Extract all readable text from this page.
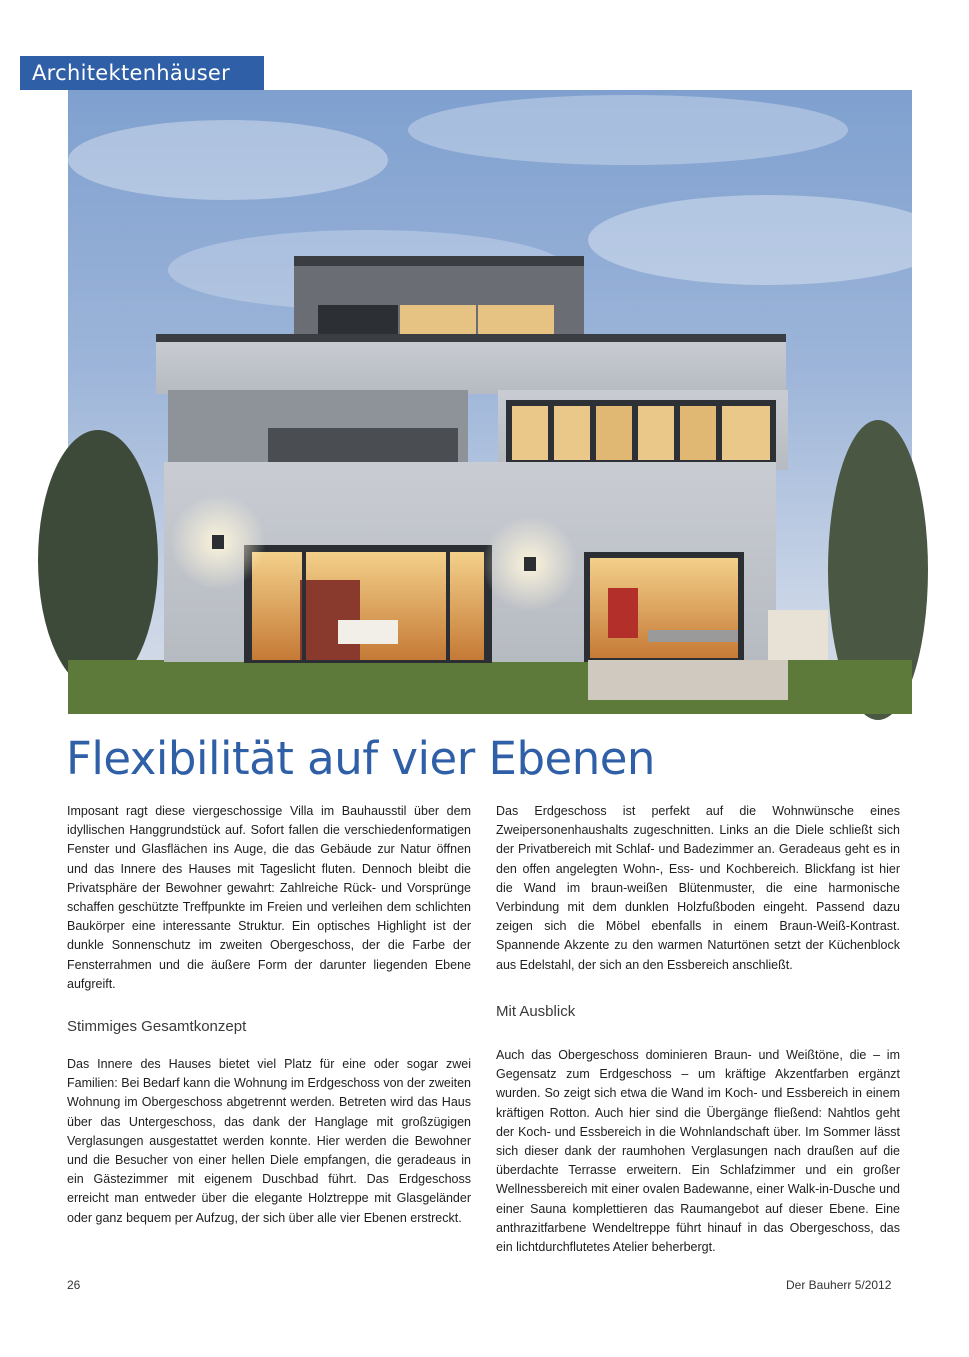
Architektenhäuser
Foto: Baufritz/Tom Haas
Flexibilität auf vier Ebenen

Imposant ragt diese viergeschossige Villa im Bauhausstil über dem idyllischen Hanggrundstück auf. Sofort fallen die verschiedenformatigen Fenster und Glasflächen ins Auge, die das Gebäude zur Natur öffnen und das Innere des Hauses mit Tageslicht fluten. Dennoch bleibt die Privatsphäre der Bewohner gewahrt: Zahlreiche Rück- und Vorsprünge schaffen geschützte Treffpunkte im Freien und verleihen dem schlichten Baukörper eine interessante Struktur. Ein optisches Highlight ist der dunkle Sonnenschutz im zweiten Obergeschoss, der die Farbe der Fensterrahmen und die äußere Form der darunter liegenden Ebene aufgreift.

Stimmiges Gesamtkonzept

Das Innere des Hauses bietet viel Platz für eine oder sogar zwei Familien: Bei Bedarf kann die Wohnung im Erdgeschoss von der zweiten Wohnung im Obergeschoss abgetrennt werden. Betreten wird das Haus über das Untergeschoss, das dank der Hanglage mit großzügigen Verglasungen ausgestattet werden konnte. Hier werden die Bewohner und die Besucher von einer hellen Diele empfangen, die geradeaus in ein Gästezimmer mit eigenem Duschbad führt. Das Erdgeschoss erreicht man entweder über die elegante Holztreppe mit Glasgeländer oder ganz bequem per Aufzug, der sich über alle vier Ebenen erstreckt.

Das Erdgeschoss ist perfekt auf die Wohnwünsche eines Zweipersonenhaushalts zugeschnitten. Links an die Diele schließt sich der Privatbereich mit Schlaf- und Badezimmer an. Geradeaus geht es in den offen angelegten Wohn-, Ess- und Kochbereich. Blickfang ist hier die Wand im braun-weißen Blütenmuster, die eine harmonische Verbindung mit dem dunklen Holzfußboden eingeht. Passend dazu zeigen sich die Möbel ebenfalls in einem Braun-Weiß-Kontrast. Spannende Akzente zu den warmen Naturtönen setzt der Küchenblock aus Edelstahl, der sich an den Essbereich anschließt.

Mit Ausblick

Auch das Obergeschoss dominieren Braun- und Weißtöne, die – im Gegensatz zum Erdgeschoss – um kräftige Akzentfarben ergänzt wurden. So zeigt sich etwa die Wand im Koch- und Essbereich in einem kräftigen Rotton. Auch hier sind die Übergänge fließend: Nahtlos geht der Koch- und Essbereich in die Wohnlandschaft über. Im Sommer lässt sich dieser dank der raumhohen Verglasungen nach draußen auf die überdachte Terrasse erweitern. Ein Schlafzimmer und ein großer Wellnessbereich mit einer ovalen Badewanne, einer Walk-in-Dusche und einer Sauna komplettieren das Raumangebot auf dieser Ebene. Eine anthrazitfarbene Wendeltreppe führt hinauf in das Obergeschoss, das ein lichtdurchflutetes Atelier beherbergt.

26	Der Bauherr 5/2012
